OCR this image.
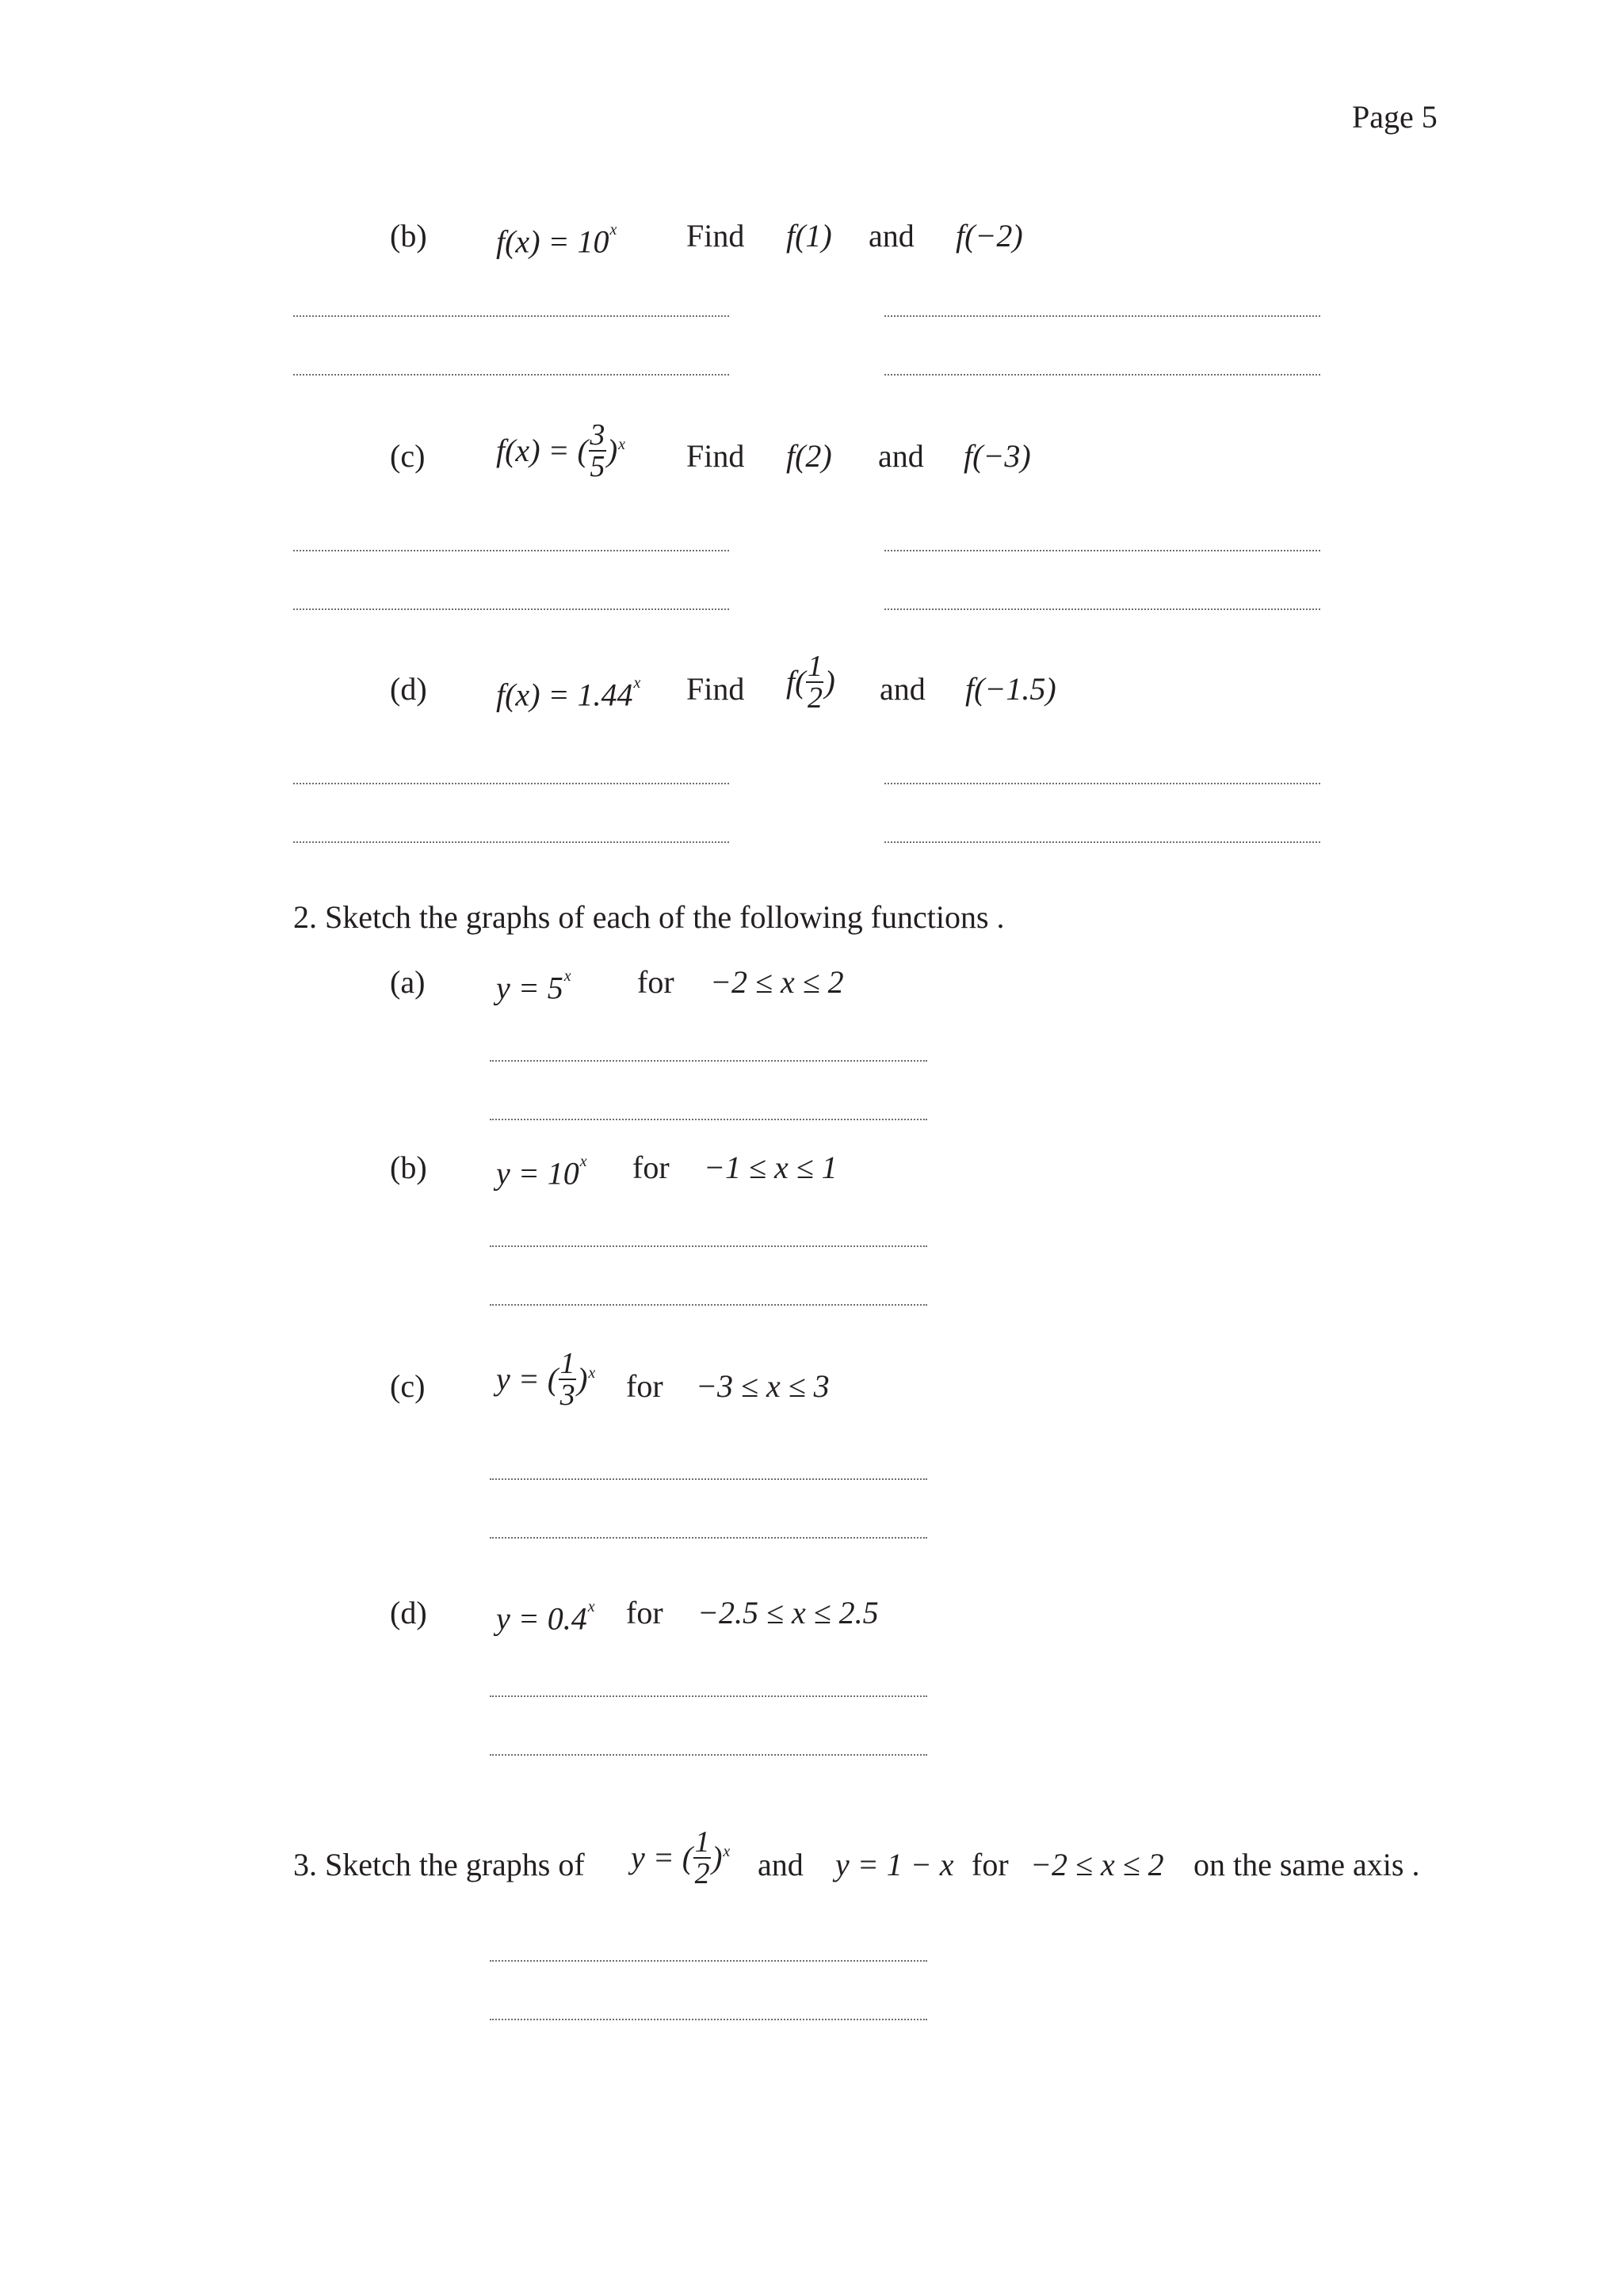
Page 5
(b) $f(x) = 10^x$ Find f(1) and f(−2)
(c) f(x) = ( $\frac{3}{5} )^x$ Find f(2) and f(−3)
(d) $f(x) = 1.44^x$ Find $f( \frac{1}{2}$ ) and f(−1.5)
2. Sketch the graphs of each of the following functions .
(a) $y = 5^x$ for −2 ≤ x ≤ 2
(b) $y = 10^x$ for −1 ≤ x ≤ 1
(c) y = ( $\frac{1}{3} )^x$ for −3 ≤ x ≤ 3
(d) $y = 0.4^x$ for −2.5 ≤ x ≤ 2.5
3. Sketch the graphs of y = ( $\frac{1}{2} )^x$ and y = 1 − x for −2 ≤ x ≤ 2 on the same axis .
